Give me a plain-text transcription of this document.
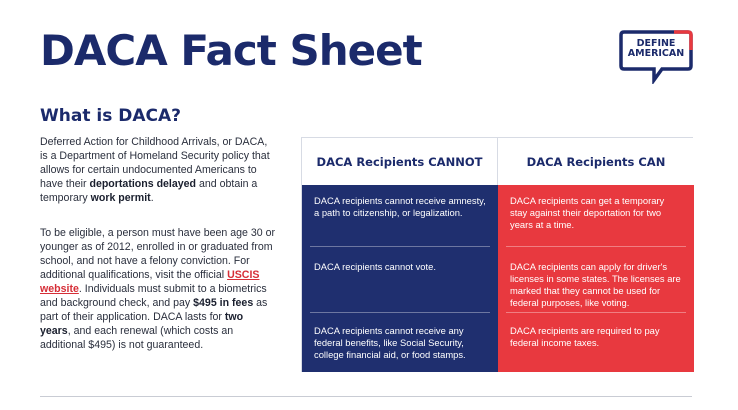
DACA Fact Sheet	DEFINE
AMERICAN
What is DACA?
Deferred Action for Childhood Arrivals, or DACA, is a Department of Homeland Security policy that allows for certain undocumented Americans to have their deportations delayed and obtain a temporary work permit.
To be eligible, a person must have been age 30 or younger as of 2012, enrolled in or graduated from school, and not have a felony conviction. For additional qualifications, visit the official USCIS website. Individuals must submit to a biometrics and background check, and pay $495 in fees as part of their application. DACA lasts for two years, and each renewal (which costs an additional $495) is not guaranteed.
DACA Recipients CANNOT	DACA Recipients CAN
DACA recipients cannot receive amnesty, a path to citizenship, or legalization.
DACA recipients cannot vote.
DACA recipients cannot receive any federal benefits, like Social Security, college financial aid, or food stamps.
DACA recipients can get a temporary stay against their deportation for two years at a time.
DACA recipients can apply for driver's licenses in some states. The licenses are marked that they cannot be used for federal purposes, like voting.
DACA recipients are required to pay federal income taxes.
